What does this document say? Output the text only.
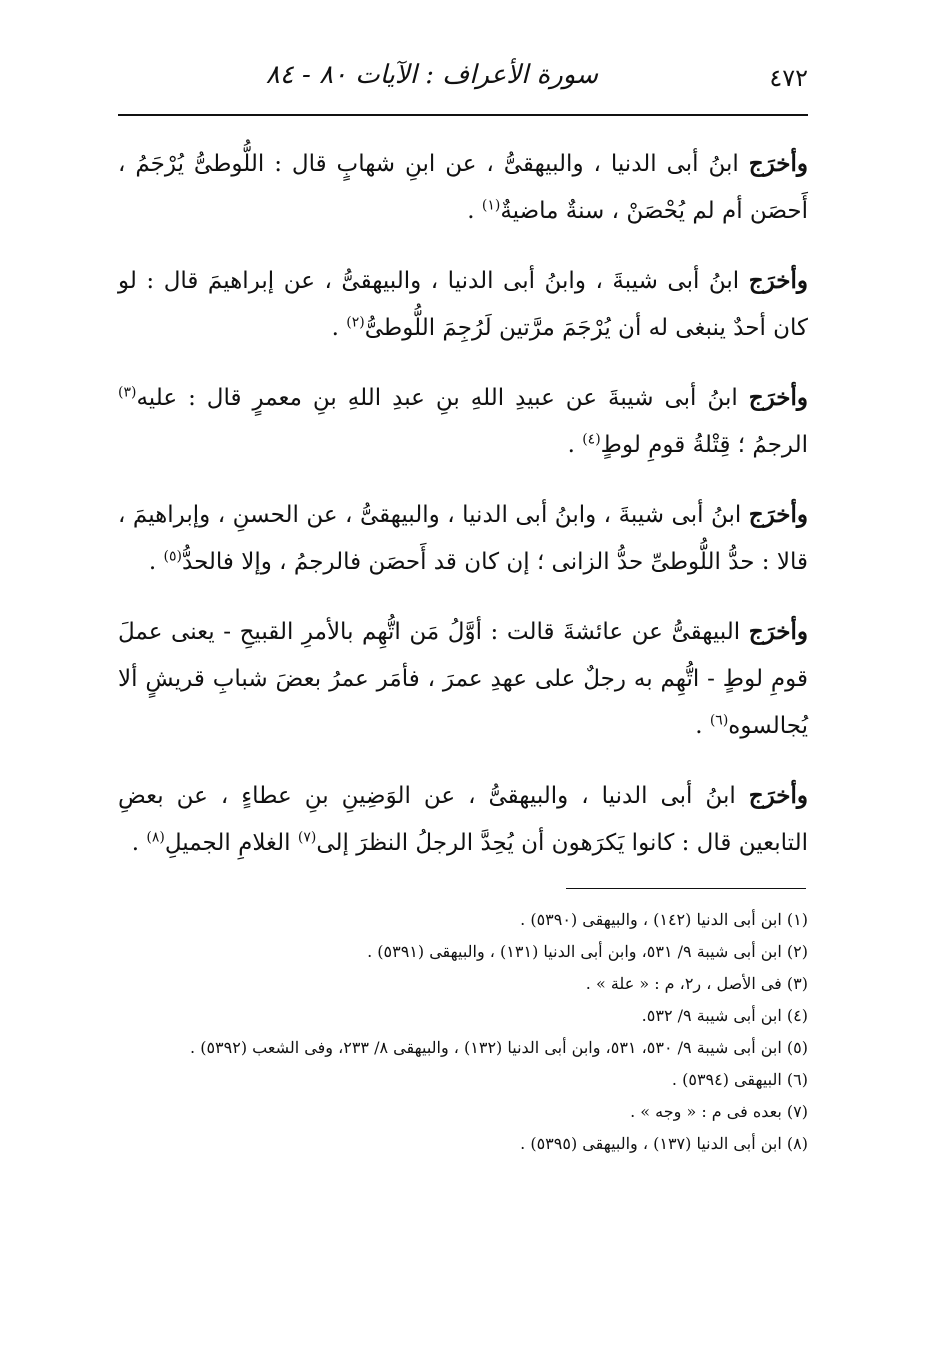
٤٧٢
سورة الأعراف : الآيات ٨٠ - ٨٤

وأخرَج ابنُ أبى الدنيا ، والبيهقىُّ ، عن ابنِ شهابٍ قال : اللُّوطىُّ يُرْجَمُ ، أَحصَن أم لم يُحْصَنْ ، سنةٌ ماضيةٌ$^{(١)}$ .

وأخرَج ابنُ أبى شيبةَ ، وابنُ أبى الدنيا ، والبيهقىُّ ، عن إبراهيمَ قال : لو كان أحدٌ ينبغى له أن يُرْجَمَ مرَّتين لَرُجِمَ اللُّوطىُّ$^{(٢)}$ .

وأخرَج ابنُ أبى شيبةَ عن عبيدِ اللهِ بنِ عبدِ اللهِ بنِ معمرٍ قال : عليه$^{(٣)}$ الرجمُ ؛ قِتْلةُ قومِ لوطٍ$^{(٤)}$ .

وأخرَج ابنُ أبى شيبةَ ، وابنُ أبى الدنيا ، والبيهقىُّ ، عن الحسنِ ، وإبراهيمَ ، قالا : حدُّ اللُّوطىِّ حدُّ الزانى ؛ إن كان قد أَحصَن فالرجمُ ، وإلا فالحدُّ$^{(٥)}$ .

وأخرَج البيهقىُّ عن عائشةَ قالت : أوَّلُ مَن اتُّهِم بالأمرِ القبيحِ - يعنى عملَ قومِ لوطٍ - اتُّهِم به رجلٌ على عهدِ عمرَ ، فأمَر عمرُ بعضَ شبابِ قريشٍ ألا يُجالسوه$^{(٦)}$ .

وأخرَج ابنُ أبى الدنيا ، والبيهقىُّ ، عن الوَضِينِ بنِ عطاءٍ ، عن بعضِ التابعين قال : كانوا يَكرَهون أن يُحِدَّ الرجلُ النظرَ إلى$^{(٧)}$ الغلامِ الجميلِ$^{(٨)}$ .

(١) ابن أبى الدنيا (١٤٢) ، والبيهقى (٥٣٩٠) .

(٢) ابن أبى شيبة ٩/ ٥٣١، وابن أبى الدنيا (١٣١) ، والبيهقى (٥٣٩١) .

(٣) فى الأصل ، ر٢، م : « علة » .

(٤) ابن أبى شيبة ٩/ ٥٣٢.

(٥) ابن أبى شيبة ٩/ ٥٣٠، ٥٣١، وابن أبى الدنيا (١٣٢) ، والبيهقى ٨/ ٢٣٣، وفى الشعب (٥٣٩٢) .

(٦) البيهقى (٥٣٩٤) .

(٧) بعده فى م : « وجه » .

(٨) ابن أبى الدنيا (١٣٧) ، والبيهقى (٥٣٩٥) .
